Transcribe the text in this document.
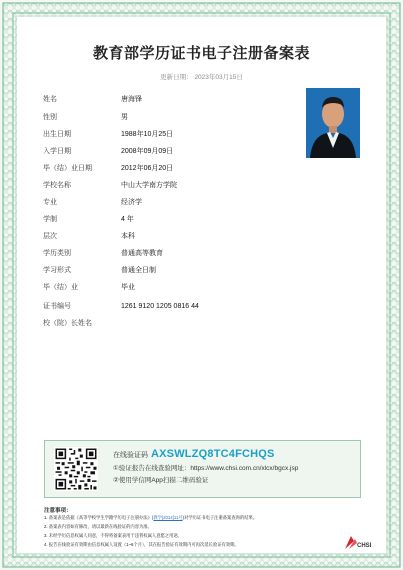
教育部学历证书电子注册备案表
更新日期： 2023年03月15日
姓名	唐海锋
性别	男
出生日期	1988年10月25日
入学日期	2008年09月09日
毕（结）业日期	2012年06月20日
学校名称	中山大学南方学院
专业	经济学
学制	4 年
层次	本科
学历类别	普通高等教育
学习形式	普通全日制
毕（结）业	毕业
证书编号	1261 9120 1205 0816 44
校（院）长姓名
在线验证码 AXSWLZQ8TC4FCHQS
①验证报告在线查验网址：https://www.chsi.com.cn/xlcx/bgcx.jsp
②使用学信网App扫描二维码验证
注意事项：
1. 备案表是依据《高等学校学生学籍学历电子注册办法》(教学[2014]11号)对学历证书电子注册备案查询的结果。
2. 备案表内容如有修改，请以最新在线验证的内容为准。
3. 未经学历信息权属人同意，不得将备案表用于违背权属人意愿之用途。
4. 报告在线验证有效期由信息权属人设置（1~6个月），其在报告验证有效期内可再次延长验证有效期。	CHSI
